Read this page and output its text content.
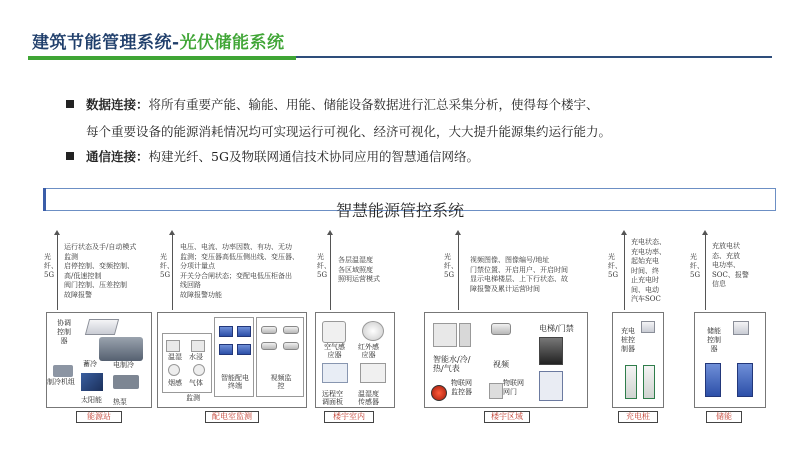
建筑节能管理系统-光伏储能系统
数据连接：将所有重要产能、输能、用能、储能设备数据进行汇总采集分析，使得每个楼宇、
每个重要设备的能源消耗情况均可实现运行可视化、经济可视化，大大提升能源集约运行能力。
通信连接：构建光纤、5G及物联网通信技术协同应用的智慧通信网络。
智慧能源管控系统
光
纤、
5G
运行状态及手/自动模式
监测
启停控制、变频控制、
高/低速控制
阀门控制、压差控制
故障报警
协调
控制
器
蓄冷 电制冷
制冷机组
太阳能 热泵
能源站
光
纤、
5G
电压、电流、功率因数、有功、无功
监测；变压器高低压侧出线、变压器、
分项计量点
开关分合闸状态；变配电低压柜备出
线回路
故障报警功能
温湿 水浸
烟感 气体
智能配电
终端
视频监
控
监测
配电室监测
光
纤、
5G
各层温湿度
各区域照度
照明运营模式
空气感
应器
红外感
应器
远程空
调面板
温湿度
传感器
楼宇室内
光
纤、
5G
视频图像、图像编号/地址
门禁位置、开启用户、开启时间
显示电梯楼层、上下行状态、故
障报警及累计运营时间
电梯/门禁
智能水/冷/
热/气表	视频
物联网
监控器
物联网
网门
楼宇区域
光
纤、
5G
充电状态、
充电功率、
起始充电
时间、终
止充电时
间、电动
汽车SOC
充电
桩控
制器
充电桩
光
纤、
5G
充放电状
态、充放
电功率、
SOC、报警
信息
储能
控制
器
储能
